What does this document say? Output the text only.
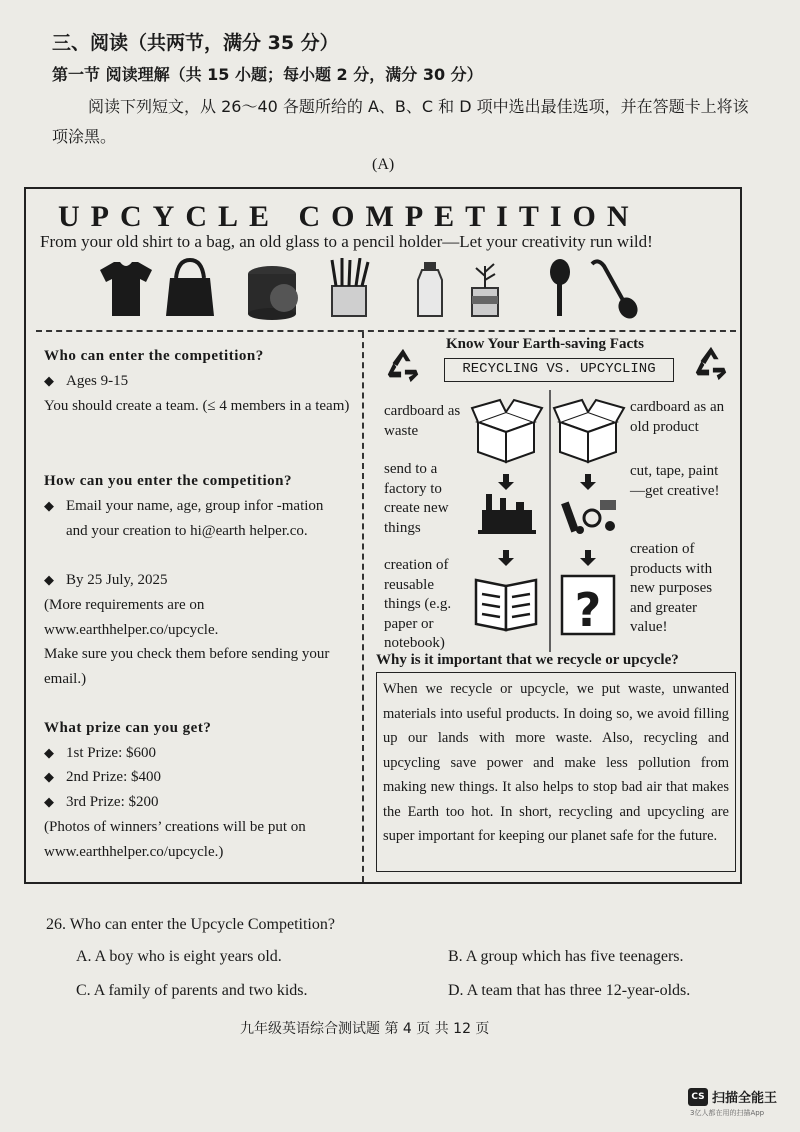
三、阅读（共两节，满分 35 分）
第一节 阅读理解（共 15 小题；每小题 2 分，满分 30 分）
阅读下列短文，从 26～40 各题所给的 A、B、C 和 D 项中选出最佳选项，并在答题卡上将该项涂黑。
(A)
UPCYCLE COMPETITION
From your old shirt to a bag, an old glass to a pencil holder—Let your creativity run wild!
Who can enter the competition?
◆ Ages 9-15
You should create a team. (≤ 4 members in a team)
How can you enter the competition?
◆ Email your name, age, group infor -mation and your creation to hi@earth helper.co.
◆ By 25 July, 2025
(More requirements are on www.earthhelper.co/upcycle.
Make sure you check them before sending your email.)
What prize can you get?
◆ 1st Prize: $600
◆ 2nd Prize: $400
◆ 3rd Prize: $200
(Photos of winners’ creations will be put on www.earthhelper.co/upcycle.)
Know Your Earth-saving Facts
RECYCLING VS. UPCYCLING
cardboard as waste
send to a factory to create new things
creation of reusable things (e.g. paper or notebook)
cardboard as an old product
cut, tape, paint —get creative!
creation of products with new purposes and greater value!
?
Why is it important that we recycle or upcycle?
When we recycle or upcycle, we put waste, unwanted materials into useful products. In doing so, we avoid filling up our lands with more waste. Also, recycling and upcycling save power and make less pollution from making new things. It also helps to stop bad air that makes the Earth too hot. In short, recycling and upcycling are super important for keeping our planet safe for the future.
26. Who can enter the Upcycle Competition?
A. A boy who is eight years old.	B. A group which has five teenagers.
C. A family of parents and two kids.	D. A team that has three 12-year-olds.
九年级英语综合测试题 第 4 页 共 12 页
CS 扫描全能王
3亿人都在用的扫描App
